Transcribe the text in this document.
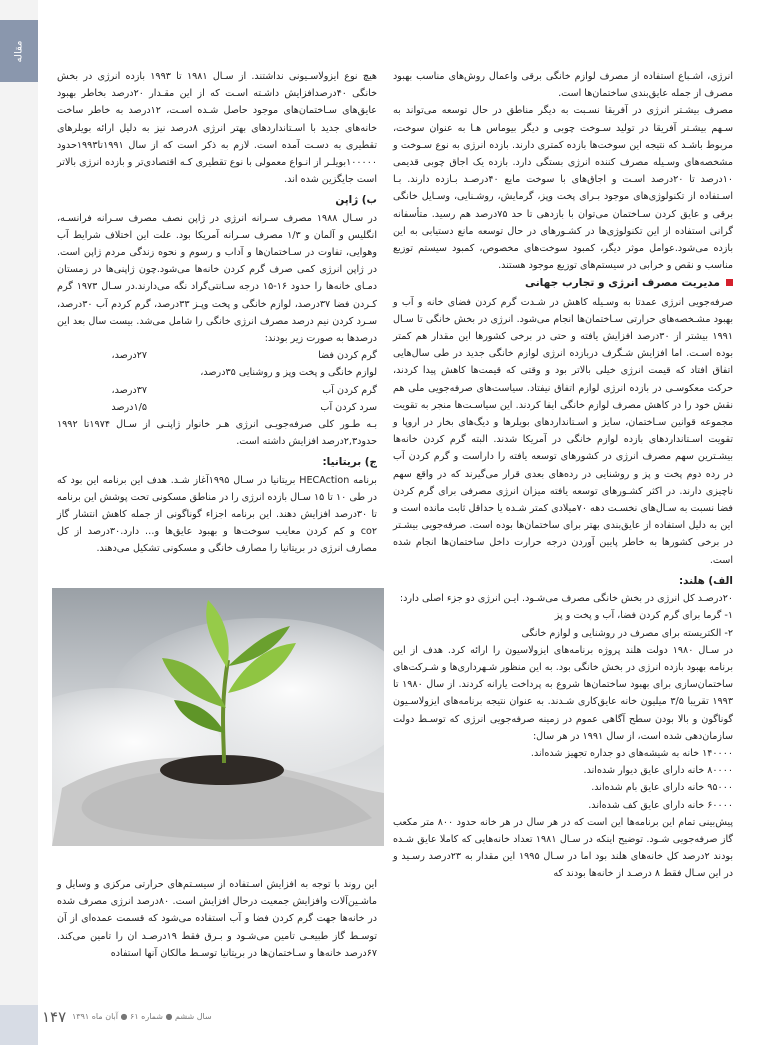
مقاله
۱۴۷ سال ششم ● شماره ۶۱ ● آبان ماه ۱۳۹۱

انرژی، اشـباع استفاده از مصرف لوازم خانگی برقی واعمال روش‌های مناسب بهبود مصرف از جمله عایق‌بندی ساختمان‌ها است.

مصرف بیشـتر انرژی در آفریقا نسـبت به دیگر مناطق در حال توسعه می‌تواند به سـهم بیشـتر آفریقا در تولید سـوخت چوبی و دیگر بیوماس هـا به عنوان سوخت، مربوط باشـد که نتیجه این سوخت‌ها بازده کمتری دارند. بازده انرژی به نوع سـوخت و مشخصه‌های وسـیله مصرف کننده انرژی بستگی دارد. بازده یک اجاق چوبی قدیمی ۱۰درصد تا ۲۰درصد اسـت و اجاق‌های با سوخت مایع ۴۰درصـد بـازده دارند. بـا اسـتفاده از تکنولوژی‌های موجود بـرای پخت وپز، گرمایش، روشـنایی، وسـایل خانگی برقی و عایق کردن سـاختمان می‌توان با بازدهی تا حد ۷۵درصد هم رسید. متأسفانه گرانی استفاده از این تکنولوژی‌ها در کشـورهای در حال توسعه مانع دستیابی به این بازده می‌شود.عوامل موثر دیگر، کمبود سوخت‌های مخصوص، کمبود سیستم توزیع مناسب و نقص و خرابی در سیستم‌های توزیع موجود هستند.

مدیریت مصرف انرژی و تجارب جهانی

صرفه‌جویی انرژی عمدتا به وسـیله کاهش در شـدت گرم کردن فضای خانه و آب و بهبود مشـخصه‌های حرارتی سـاختمان‌ها انجام می‌شود. انرژی در بخش خانگی تا سـال ۱۹۹۱ بیشتر از ۳۰درصد افزایش یافته و حتی در برخی کشورها این مقدار هم کمتر بوده اسـت. اما افزایش شـگرف دربازده انرژی لوازم خانگی جدید در طی سال‌هایی اتفاق افتاد که قیمت انرژی خیلی بالاتر بود و وقتی که قیمت‌ها کاهش پیدا کردند، حرکت معکوسـی در بازده انرژی لوازم اتفاق نیفتاد. سیاست‌های صرفه‌جویی ملی هم نقش خود را در کاهش مصرف لوازم خانگی ایفا کردند. این سیاسـت‌ها منجر به تقویت مجموعه قوانین سـاختمان، سایز و اسـتانداردهای بویلرها و دیگ‌های بخار در اروپا و تقویت اسـتانداردهای بازده لوازم خانگی در آمریکا شدند. البته گرم کردن خانه‌ها بیشـترین سهم مصرف انرژی در کشورهای توسعه یافته را داراست و گرم کردن آب در رده دوم پخت و پز و روشنایی در رده‌های بعدی قرار می‌گیرند که در واقع سهم ناچیزی دارند. در اکثر کشـورهای توسعه یافته میزان انرژی مصرفی برای گرم کردن فضا نسبت به سـال‌های نخسـت دهه ۷۰میلادی کمتر شـده یا حداقل ثابت مانده است و این به دلیل استفاده از عایق‌بندی بهتر برای ساختمان‌ها بوده است. صرفه‌جویی بیشـتر در برخی کشورها به خاطر پایین آوردن درجه حرارت داخل ساختمان‌ها انجام شده است.

الف) هلند:

۲۰درصـد کل انرژی در بخش خانگی مصرف می‌شـود. ایـن انرژی دو جزء اصلی دارد:

۱- گرما برای گرم کردن فضا، آب و پخت و پز

۲- الکتریسته برای مصرف در روشنایی و لوازم خانگی

در سـال ۱۹۸۰ دولت هلند پروژه برنامه‌های ایزولاسیون را ارائه کرد. هدف از این برنامه بهبود بازده انرژی در بخش خانگی بود. به این منظور شـهرداری‌ها و شـرکت‌های ساختمان‌سازی برای بهبود ساختمان‌ها شروع به پرداخت یارانه کردند. از سال ۱۹۸۰ تا ۱۹۹۳ تقریبا ۳/۵ میلیون خانه عایق‌کاری شـدند. به عنوان نتیجه برنامه‌های ایزولاسـیون گوناگون و بالا بودن سطح آگاهی عموم در زمینه صرفه‌جویی انرژی که توسـط دولت سازمان‌دهی شده است، از سال ۱۹۹۱ در هر سال:

۱۴۰۰۰۰ خانه به شیشه‌های دو جداره تجهیز شده‌اند.

۸۰۰۰۰ خانه دارای عایق دیوار شده‌اند.

۹۵۰۰۰ خانه دارای عایق بام شده‌اند.

۶۰۰۰۰ خانه دارای عایق کف شده‌اند.

پیش‌بینی تمام این برنامه‌ها این است که در هر سال در هر خانه حدود ۸۰۰ متر مکعب گاز صرفه‌جویی شـود. توضیح اینکه در سـال ۱۹۸۱ تعداد خانه‌هایی که کاملا عایق شـده بودند ۲درصد کل خانه‌های هلند بود اما در سـال ۱۹۹۵ این مقدار به ۲۳درصد رسـید و در این سـال فقط ۸ درصـد از خانه‌ها بودند که

هیچ نوع ایزولاسـیونی نداشتند. از سـال ۱۹۸۱ تا ۱۹۹۳ بازده انرژی در بخش خانگی ۴۰درصدافزایش داشـته اسـت که از این مقـدار ۲۰درصد بخاطر بهبود عایق‌های سـاختمان‌های موجود حاصل شـده اسـت، ۱۲درصد به خاطر ساخت خانه‌های جدید با اسـتانداردهای بهتر انرژی ۸درصد نیز به دلیل ارائه بویلرهای تقطیری به دسـت آمده است. لازم به ذکر است که از سال ۱۹۹۱تا۱۹۹۳حدود ۱۰۰۰۰۰بویلـر از انـواع معمولی با نوع تقطیری کـه اقتصادی‌تر و بازده انرژی بالاتر است جایگزین شده اند.

ب) ژاپن

در سـال ۱۹۸۸ مصرف سـرانه انرژی در ژاپن نصف مصرف سـرانه فرانسـه، انگلیس و آلمان و ۱/۳ مصرف سـرانه آمریکا بود. علت این اختلاف شرایط آب وهوایی، تفاوت در سـاختمان‌ها و آداب و رسوم و نحوه زندگی مردم ژاپن است. در ژاپن انرژی کمی صرف گرم کردن خانه‌ها می‌شود.چون ژاپنی‌ها در زمستان دمـای خانه‌ها را حدود ۱۶-۱۵ درجه سـانتی‌گراد نگه می‌دارند.در سـال ۱۹۷۳ گرم کـردن فضا ۳۷درصد، لوازم خانگی و پخت وپـز ۳۳درصد، گرم کردم آب ۳۰درصد، سـرد کردن نیم درصد مصرف انرژی خانگی را شامل می‌شد. بیست سال بعد این درصدها به صورت زیر بودند:

گرم کردن فضا
۲۷درصد،
لوازم خانگی و پخت وپز و روشنایی ۳۵درصد،
گرم کردن آب
۳۷درصد،
سرد کردن آب
۱/۵درصد

بـه طـور کلی صرفه‌جویـی انرژی هـر خانوار ژاپنـی از سـال ۱۹۷۴تا ۱۹۹۲ حدود۲,۳درصد افزایش داشته است.

ج) بریتانیا:

برنامه HECAction بریتانیا در سـال ۱۹۹۵آغاز شـد. هدف این برنامه این بود که در طی ۱۰ تا ۱۵ سـال بازده انرژی را در مناطق مسکونی تحت پوشش این برنامه تا ۳۰درصد افزایش دهند. این برنامه اجزاء گوناگونی از جمله کاهش انتشار گاز co۲ و کم کردن معایب سوخت‌ها و بهبود عایق‌ها و… دارد.۳۰درصد از کل مصارف انرژی در بریتانیا را مصارف خانگی و مسکونی تشکیل می‌دهند.

این روند با توجه به افزایش اسـتفاده از سیسـتم‌های حرارتی مرکزی و وسایل و ماشـین‌آلات وافزایش جمعیت درحال افزایش است. ۸۰درصد انرژی مصرف شده در خانه‌ها جهت گرم کردن فضا و آب استفاده می‌شود که قسمت عمده‌ای از آن توسـط گاز طبیعـی تامین می‌شـود و بـرق فقط ۱۹درصـد ان را تامین می‌کند. ۶۷درصد خانه‌ها و سـاختمان‌ها در بریتانیا توسـط مالکان آنها استفاده
